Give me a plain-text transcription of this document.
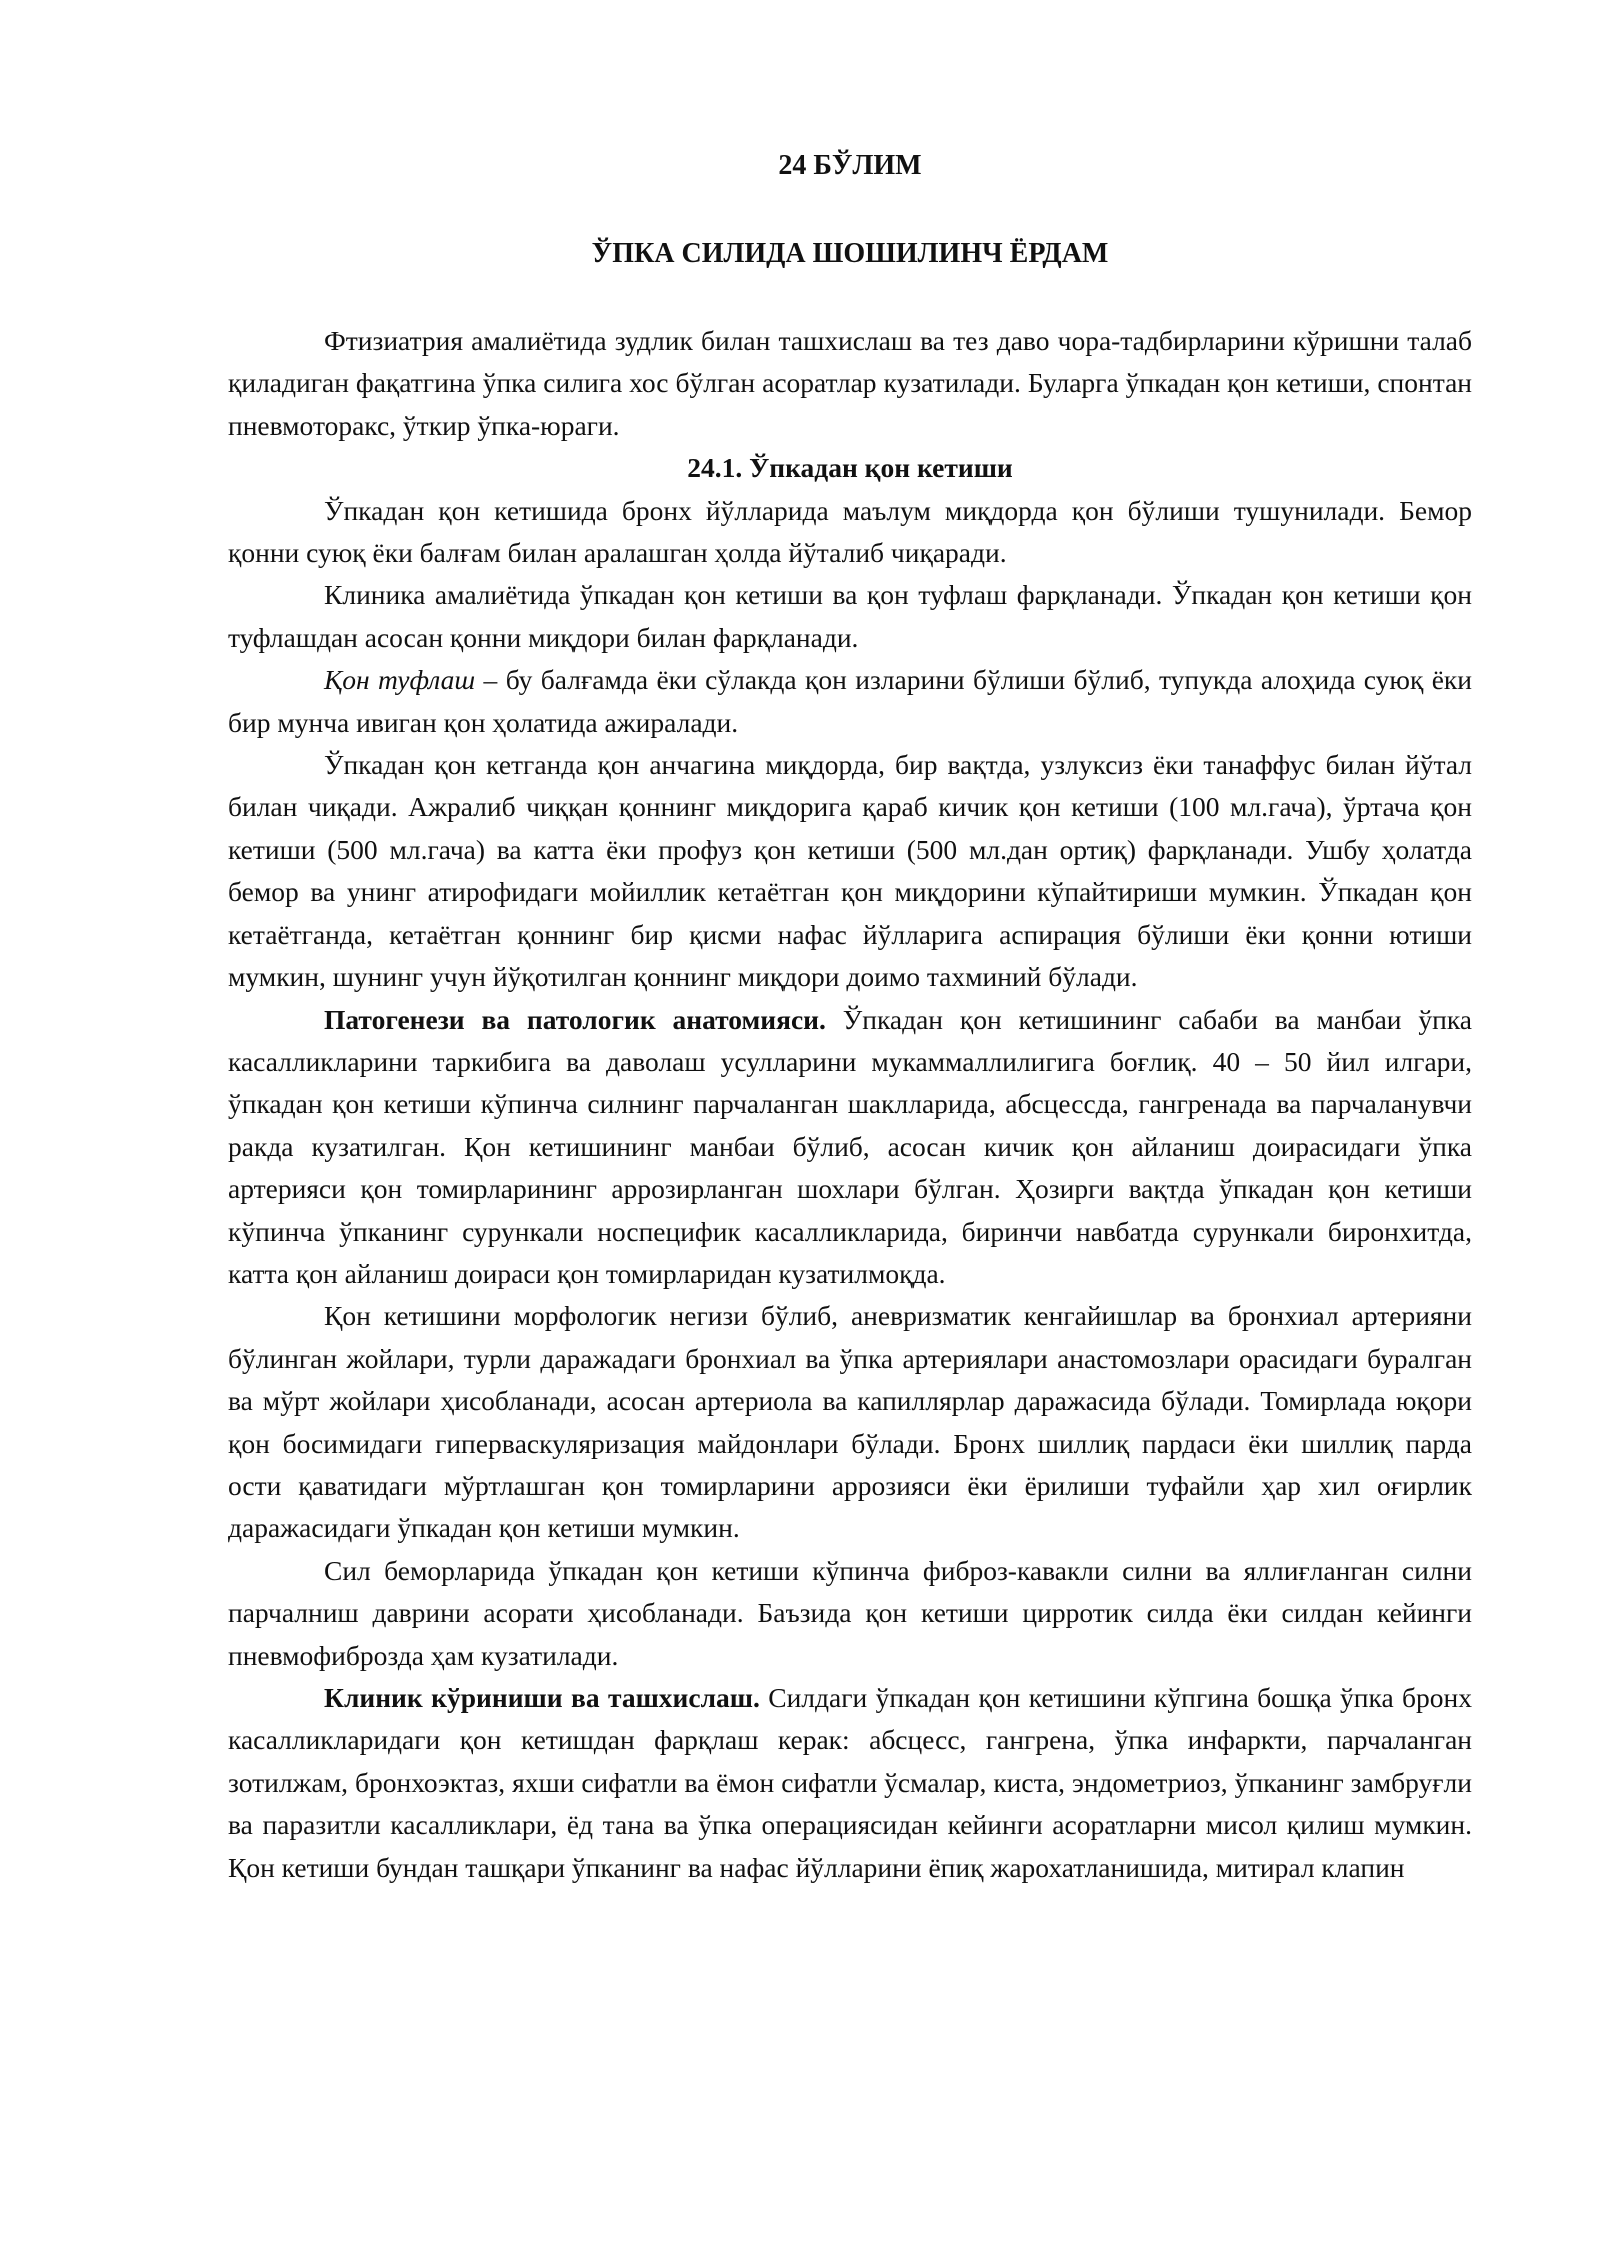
24 БЎЛИМ
ЎПКА СИЛИДА ШОШИЛИНЧ ЁРДАМ

Фтизиатрия амалиётида зудлик билан ташхислаш ва тез даво чора-тадбирларини кўришни талаб қиладиган фақатгина ўпка силига хос бўлган асоратлар кузатилади. Буларга ўпкадан қон кетиши, спонтан пневмоторакс, ўткир ўпка-юраги.

24.1. Ўпкадан қон кетиши

Ўпкадан қон кетишида бронх йўлларида маълум миқдорда қон бўлиши тушунилади. Бемор қонни суюқ ёки балғам билан аралашган ҳолда йўталиб чиқаради.

Клиника амалиётида ўпкадан қон кетиши ва қон туфлаш фарқланади. Ўпкадан қон кетиши қон туфлашдан асосан қонни миқдори билан фарқланади.

Қон туфлаш – бу балғамда ёки сўлакда қон изларини бўлиши бўлиб, тупукда алоҳида суюқ ёки бир мунча ивиган қон ҳолатида ажиралади.

Ўпкадан қон кетганда қон анчагина миқдорда, бир вақтда, узлуксиз ёки танаффус билан йўтал билан чиқади. Ажралиб чиққан қоннинг миқдорига қараб кичик қон кетиши (100 мл.гача), ўртача қон кетиши (500 мл.гача) ва катта ёки профуз қон кетиши (500 мл.дан ортиқ) фарқланади. Ушбу ҳолатда бемор ва унинг атирофидаги мойиллик кетаётган қон миқдорини кўпайтириши мумкин. Ўпкадан қон кетаётганда, кетаётган қоннинг бир қисми нафас йўлларига аспирация бўлиши ёки қонни ютиши мумкин, шунинг учун йўқотилган қоннинг миқдори доимо тахминий бўлади.

Патогенези ва патологик анатомияси. Ўпкадан қон кетишининг сабаби ва манбаи ўпка касалликларини таркибига ва даволаш усулларини мукаммаллилигига боғлиқ. 40 – 50 йил илгари, ўпкадан қон кетиши кўпинча силнинг парчаланган шаклларида, абсцессда, гангренада ва парчаланувчи ракда кузатилган. Қон кетишининг манбаи бўлиб, асосан кичик қон айланиш доирасидаги ўпка артерияси қон томирларининг аррозирланган шохлари бўлган. Ҳозирги вақтда ўпкадан қон кетиши кўпинча ўпканинг сурункали носпецифик касалликларида, биринчи навбатда сурункали биронхитда, катта қон айланиш доираси қон томирларидан кузатилмоқда.

Қон кетишини морфологик негизи бўлиб, аневризматик кенгайишлар ва бронхиал артерияни бўлинган жойлари, турли даражадаги бронхиал ва ўпка артериялари анастомозлари орасидаги буралган ва мўрт жойлари ҳисобланади, асосан артериола ва капиллярлар даражасида бўлади. Томирлада юқори қон босимидаги гипервaскуляризация майдонлари бўлади. Бронх шиллиқ пардаси ёки шиллиқ парда ости қаватидаги мўртлашган қон томирларини аррозияси ёки ёрилиши туфайли ҳар хил оғирлик даражасидаги ўпкадан қон кетиши мумкин.

Сил беморларида ўпкадан қон кетиши кўпинча фиброз-кавакли силни ва яллиғланган силни парчалниш даврини асорати ҳисобланади. Баъзида қон кетиши цирротик силда ёки силдан кейинги пневмофиброзда ҳам кузатилади.

Клиник кўриниши ва ташхислаш. Силдаги ўпкадан қон кетишини кўпгина бошқа ўпка бронх касалликларидаги қон кетишдан фарқлаш керак: абсцесс, гангрена, ўпка инфаркти, парчаланган зотилжам, бронхоэктаз, яхши сифатли ва ёмон сифатли ўсмалар, киста, эндометриоз, ўпканинг замбруғли ва паразитли касалликлари, ёд тана ва ўпка операциясидан кейинги асоратларни мисол қилиш мумкин. Қон кетиши бундан ташқари ўпканинг ва нафас йўлларини ёпиқ жарохатланишида, митирал клапин
